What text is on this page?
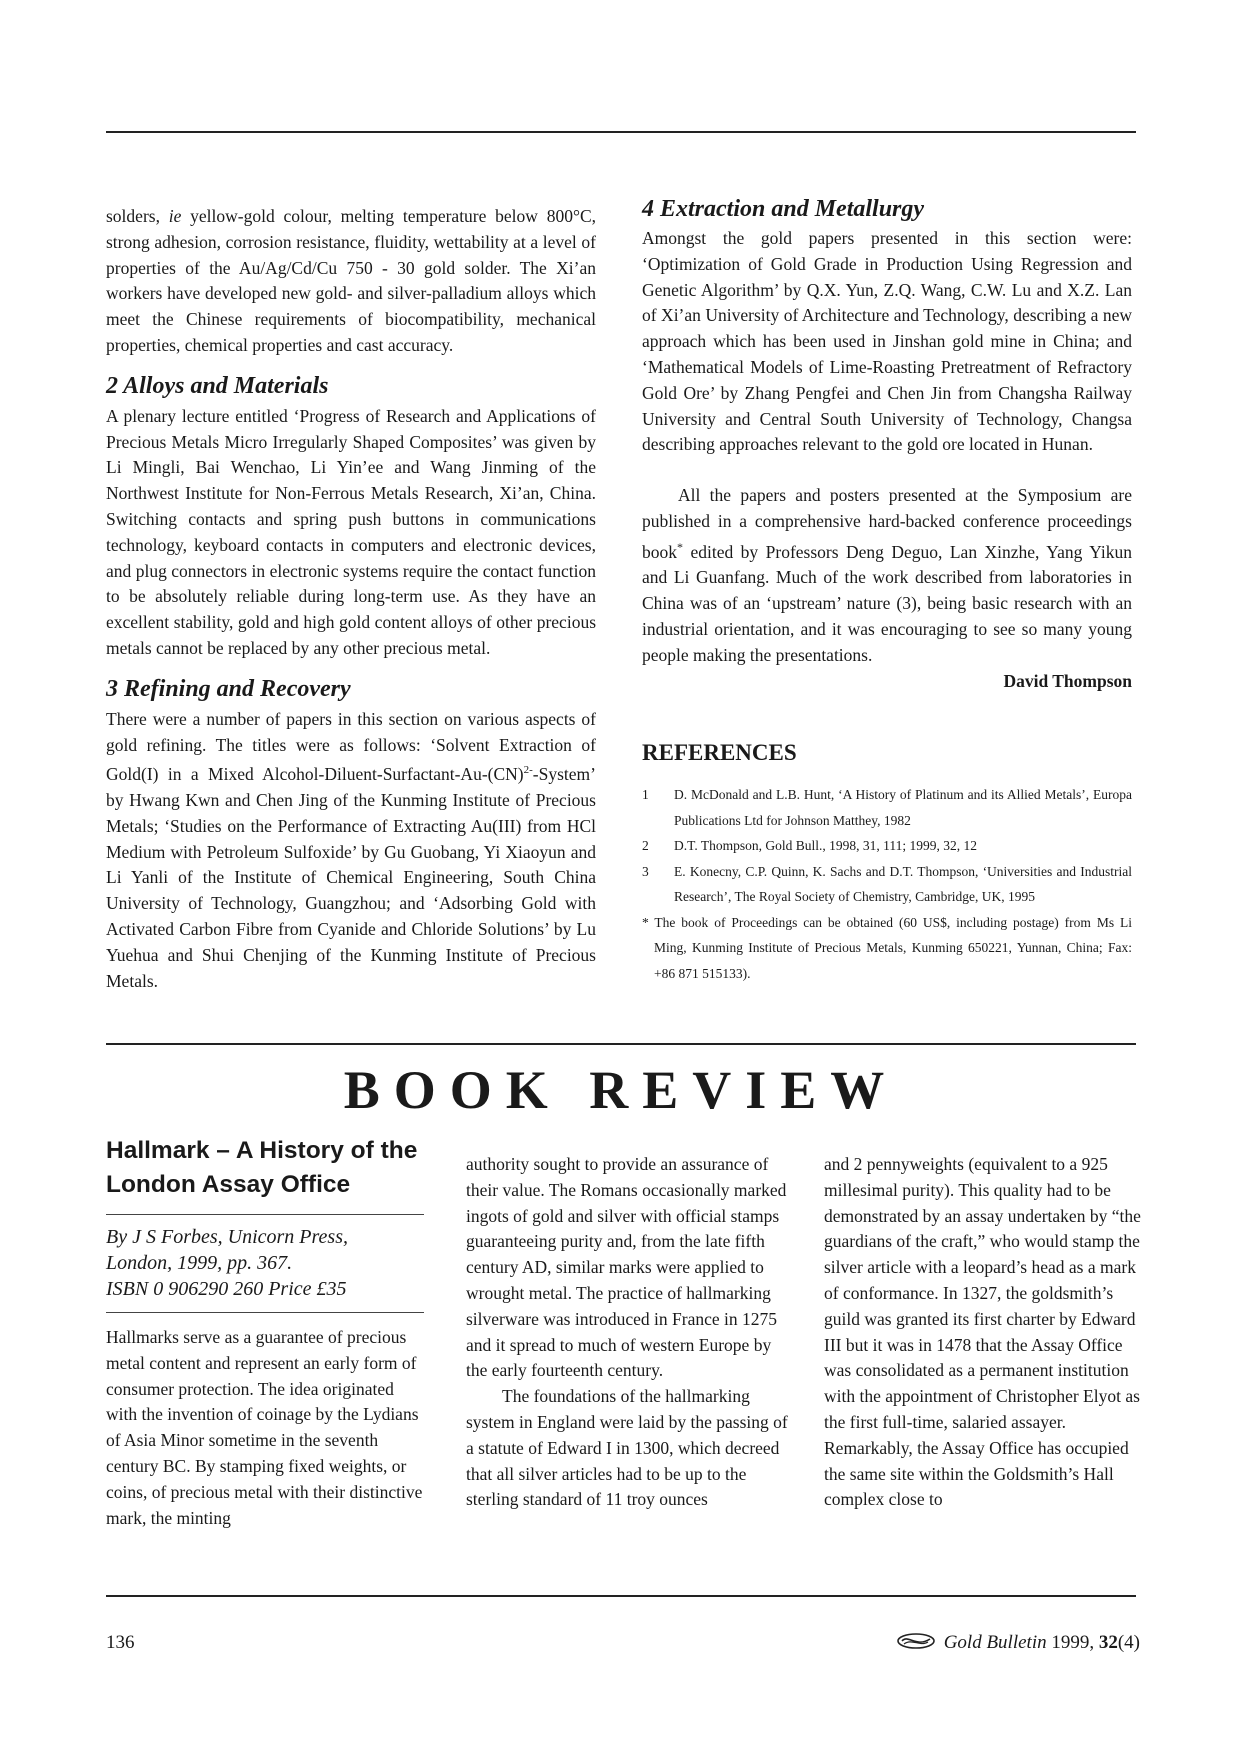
solders, ie yellow-gold colour, melting temperature below 800°C, strong adhesion, corrosion resistance, fluidity, wettability at a level of properties of the Au/Ag/Cd/Cu 750 - 30 gold solder. The Xi’an workers have developed new gold- and silver-palladium alloys which meet the Chinese requirements of biocompatibility, mechanical properties, chemical properties and cast accuracy.

2 Alloys and Materials

A plenary lecture entitled ‘Progress of Research and Applications of Precious Metals Micro Irregularly Shaped Composites’ was given by Li Mingli, Bai Wenchao, Li Yin’ee and Wang Jinming of the Northwest Institute for Non-Ferrous Metals Research, Xi’an, China. Switching contacts and spring push buttons in communications technology, keyboard contacts in computers and electronic devices, and plug connectors in electronic systems require the contact function to be absolutely reliable during long-term use. As they have an excellent stability, gold and high gold content alloys of other precious metals cannot be replaced by any other precious metal.

3 Refining and Recovery

There were a number of papers in this section on various aspects of gold refining. The titles were as follows: ‘Solvent Extraction of Gold(I) in a Mixed Alcohol-Diluent-Surfactant-Au-(CN)$^{2-}$-System’ by Hwang Kwn and Chen Jing of the Kunming Institute of Precious Metals; ‘Studies on the Performance of Extracting Au(III) from HCl Medium with Petroleum Sulfoxide’ by Gu Guobang, Yi Xiaoyun and Li Yanli of the Institute of Chemical Engineering, South China University of Technology, Guangzhou; and ‘Adsorbing Gold with Activated Carbon Fibre from Cyanide and Chloride Solutions’ by Lu Yuehua and Shui Chenjing of the Kunming Institute of Precious Metals.

4 Extraction and Metallurgy

Amongst the gold papers presented in this section were: ‘Optimization of Gold Grade in Production Using Regression and Genetic Algorithm’ by Q.X. Yun, Z.Q. Wang, C.W. Lu and X.Z. Lan of Xi’an University of Architecture and Technology, describing a new approach which has been used in Jinshan gold mine in China; and ‘Mathematical Models of Lime-Roasting Pretreatment of Refractory Gold Ore’ by Zhang Pengfei and Chen Jin from Changsha Railway University and Central South University of Technology, Changsa describing approaches relevant to the gold ore located in Hunan.

All the papers and posters presented at the Symposium are published in a comprehensive hard-backed conference proceedings book* edited by Professors Deng Deguo, Lan Xinzhe, Yang Yikun and Li Guanfang. Much of the work described from laboratories in China was of an ‘upstream’ nature (3), being basic research with an industrial orientation, and it was encouraging to see so many young people making the presentations.

David Thompson

REFERENCES
1 D. McDonald and L.B. Hunt, ‘A History of Platinum and its Allied Metals’, Europa Publications Ltd for Johnson Matthey, 1982
2 D.T. Thompson, Gold Bull., 1998, 31, 111; 1999, 32, 12
3 E. Konecny, C.P. Quinn, K. Sachs and D.T. Thompson, ‘Universities and Industrial Research’, The Royal Society of Chemistry, Cambridge, UK, 1995
* The book of Proceedings can be obtained (60 US$, including postage) from Ms Li Ming, Kunming Institute of Precious Metals, Kunming 650221, Yunnan, China; Fax: +86 871 515133).
BOOK REVIEW
Hallmark – A History of the London Assay Office
By J S Forbes, Unicorn Press,
London, 1999, pp. 367.
ISBN 0 906290 260 Price £35

Hallmarks serve as a guarantee of precious metal content and represent an early form of consumer protection. The idea originated with the invention of coinage by the Lydians of Asia Minor sometime in the seventh century BC. By stamping fixed weights, or coins, of precious metal with their distinctive mark, the minting

authority sought to provide an assurance of their value. The Romans occasionally marked ingots of gold and silver with official stamps guaranteeing purity and, from the late fifth century AD, similar marks were applied to wrought metal. The practice of hallmarking silverware was introduced in France in 1275 and it spread to much of western Europe by the early fourteenth century.

The foundations of the hallmarking system in England were laid by the passing of a statute of Edward I in 1300, which decreed that all silver articles had to be up to the sterling standard of 11 troy ounces

and 2 pennyweights (equivalent to a 925 millesimal purity). This quality had to be demonstrated by an assay undertaken by “the guardians of the craft,” who would stamp the silver article with a leopard’s head as a mark of conformance. In 1327, the goldsmith’s guild was granted its first charter by Edward III but it was in 1478 that the Assay Office was consolidated as a permanent institution with the appointment of Christopher Elyot as the first full-time, salaried assayer. Remarkably, the Assay Office has occupied the same site within the Goldsmith’s Hall complex close to

136	Gold Bulletin 1999, 32(4)
